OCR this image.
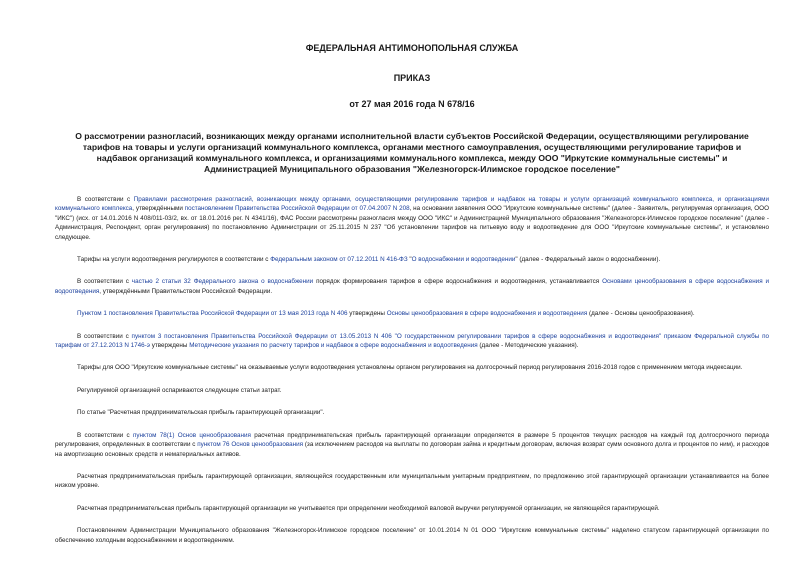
ФЕДЕРАЛЬНАЯ АНТИМОНОПОЛЬНАЯ СЛУЖБА

ПРИКАЗ

от 27 мая 2016 года N 678/16

О рассмотрении разногласий, возникающих между органами исполнительной власти субъектов Российской Федерации, осуществляющими регулирование тарифов на товары и услуги организаций коммунального комплекса, органами местного самоуправления, осуществляющими регулирование тарифов и надбавок организаций коммунального комплекса, и организациями коммунального комплекса, между ООО "Иркутские коммунальные системы" и Администрацией Муниципального образования "Железногорск-Илимское городское поселение"

В соответствии с Правилами рассмотрения разногласий, возникающих между органами, осуществляющими регулирование тарифов и надбавок на товары и услуги организаций коммунального комплекса, и организациями коммунального комплекса, утверждёнными постановлением Правительства Российской Федерации от 07.04.2007 N 208, на основании заявления ООО "Иркутские коммунальные системы" (далее - Заявитель, регулируемая организация, ООО "ИКС") (исх. от 14.01.2016 N 408/011-03/2, вх. от 18.01.2016 рег. N 4341/16), ФАС России рассмотрены разногласия между ООО "ИКС" и Администрацией Муниципального образования "Железногорск-Илимское городское поселение" (далее - Администрация, Респондент, орган регулирования) по постановлению Администрации от 25.11.2015 N 237 "Об установлении тарифов на питьевую воду и водоотведение для ООО "Иркутские коммунальные системы", и установлено следующее.

Тарифы на услуги водоотведения регулируются в соответствии с Федеральным законом от 07.12.2011 N 416-ФЗ "О водоснабжении и водоотведении" (далее - Федеральный закон о водоснабжении).

В соответствии с частью 2 статьи 32 Федерального закона о водоснабжении порядок формирования тарифов в сфере водоснабжения и водоотведения, устанавливается Основами ценообразования в сфере водоснабжения и водоотведения, утверждёнными Правительством Российской Федерации.

Пунктом 1 постановления Правительства Российской Федерации от 13 мая 2013 года N 406 утверждены Основы ценообразования в сфере водоснабжения и водоотведения (далее - Основы ценообразования).

В соответствии с пунктом 3 постановления Правительства Российской Федерации от 13.05.2013 N 406 "О государственном регулировании тарифов в сфере водоснабжения и водоотведения" приказом Федеральной службы по тарифам от 27.12.2013 N 1746-э утверждены Методические указания по расчету тарифов и надбавок в сфере водоснабжения и водоотведения (далее - Методические указания).

Тарифы для ООО "Иркутские коммунальные системы" на оказываемые услуги водоотведения установлены органом регулирования на долгосрочный период регулирования 2016-2018 годов с применением метода индексации.

Регулируемой организацией оспариваются следующие статьи затрат.

По статье "Расчетная предпринимательская прибыль гарантирующей организации".

В соответствии с пунктом 78(1) Основ ценообразования расчетная предпринимательская прибыль гарантирующей организации определяется в размере 5 процентов текущих расходов на каждый год долгосрочного периода регулирования, определенных в соответствии с пунктом 76 Основ ценообразования (за исключением расходов на выплаты по договорам займа и кредитным договорам, включая возврат сумм основного долга и процентов по ним), и расходов на амортизацию основных средств и нематериальных активов.

Расчетная предпринимательская прибыль гарантирующей организации, являющейся государственным или муниципальным унитарным предприятием, по предложению этой гарантирующей организации устанавливается на более низком уровне.

Расчетная предпринимательская прибыль гарантирующей организации не учитывается при определении необходимой валовой выручки регулируемой организации, не являющейся гарантирующей.

Постановлением Администрации Муниципального образования "Железногорск-Илимское городское поселение" от 10.01.2014 N 01 ООО "Иркутские коммунальные системы" наделено статусом гарантирующей организации по обеспечению холодным водоснабжением и водоотведением.
